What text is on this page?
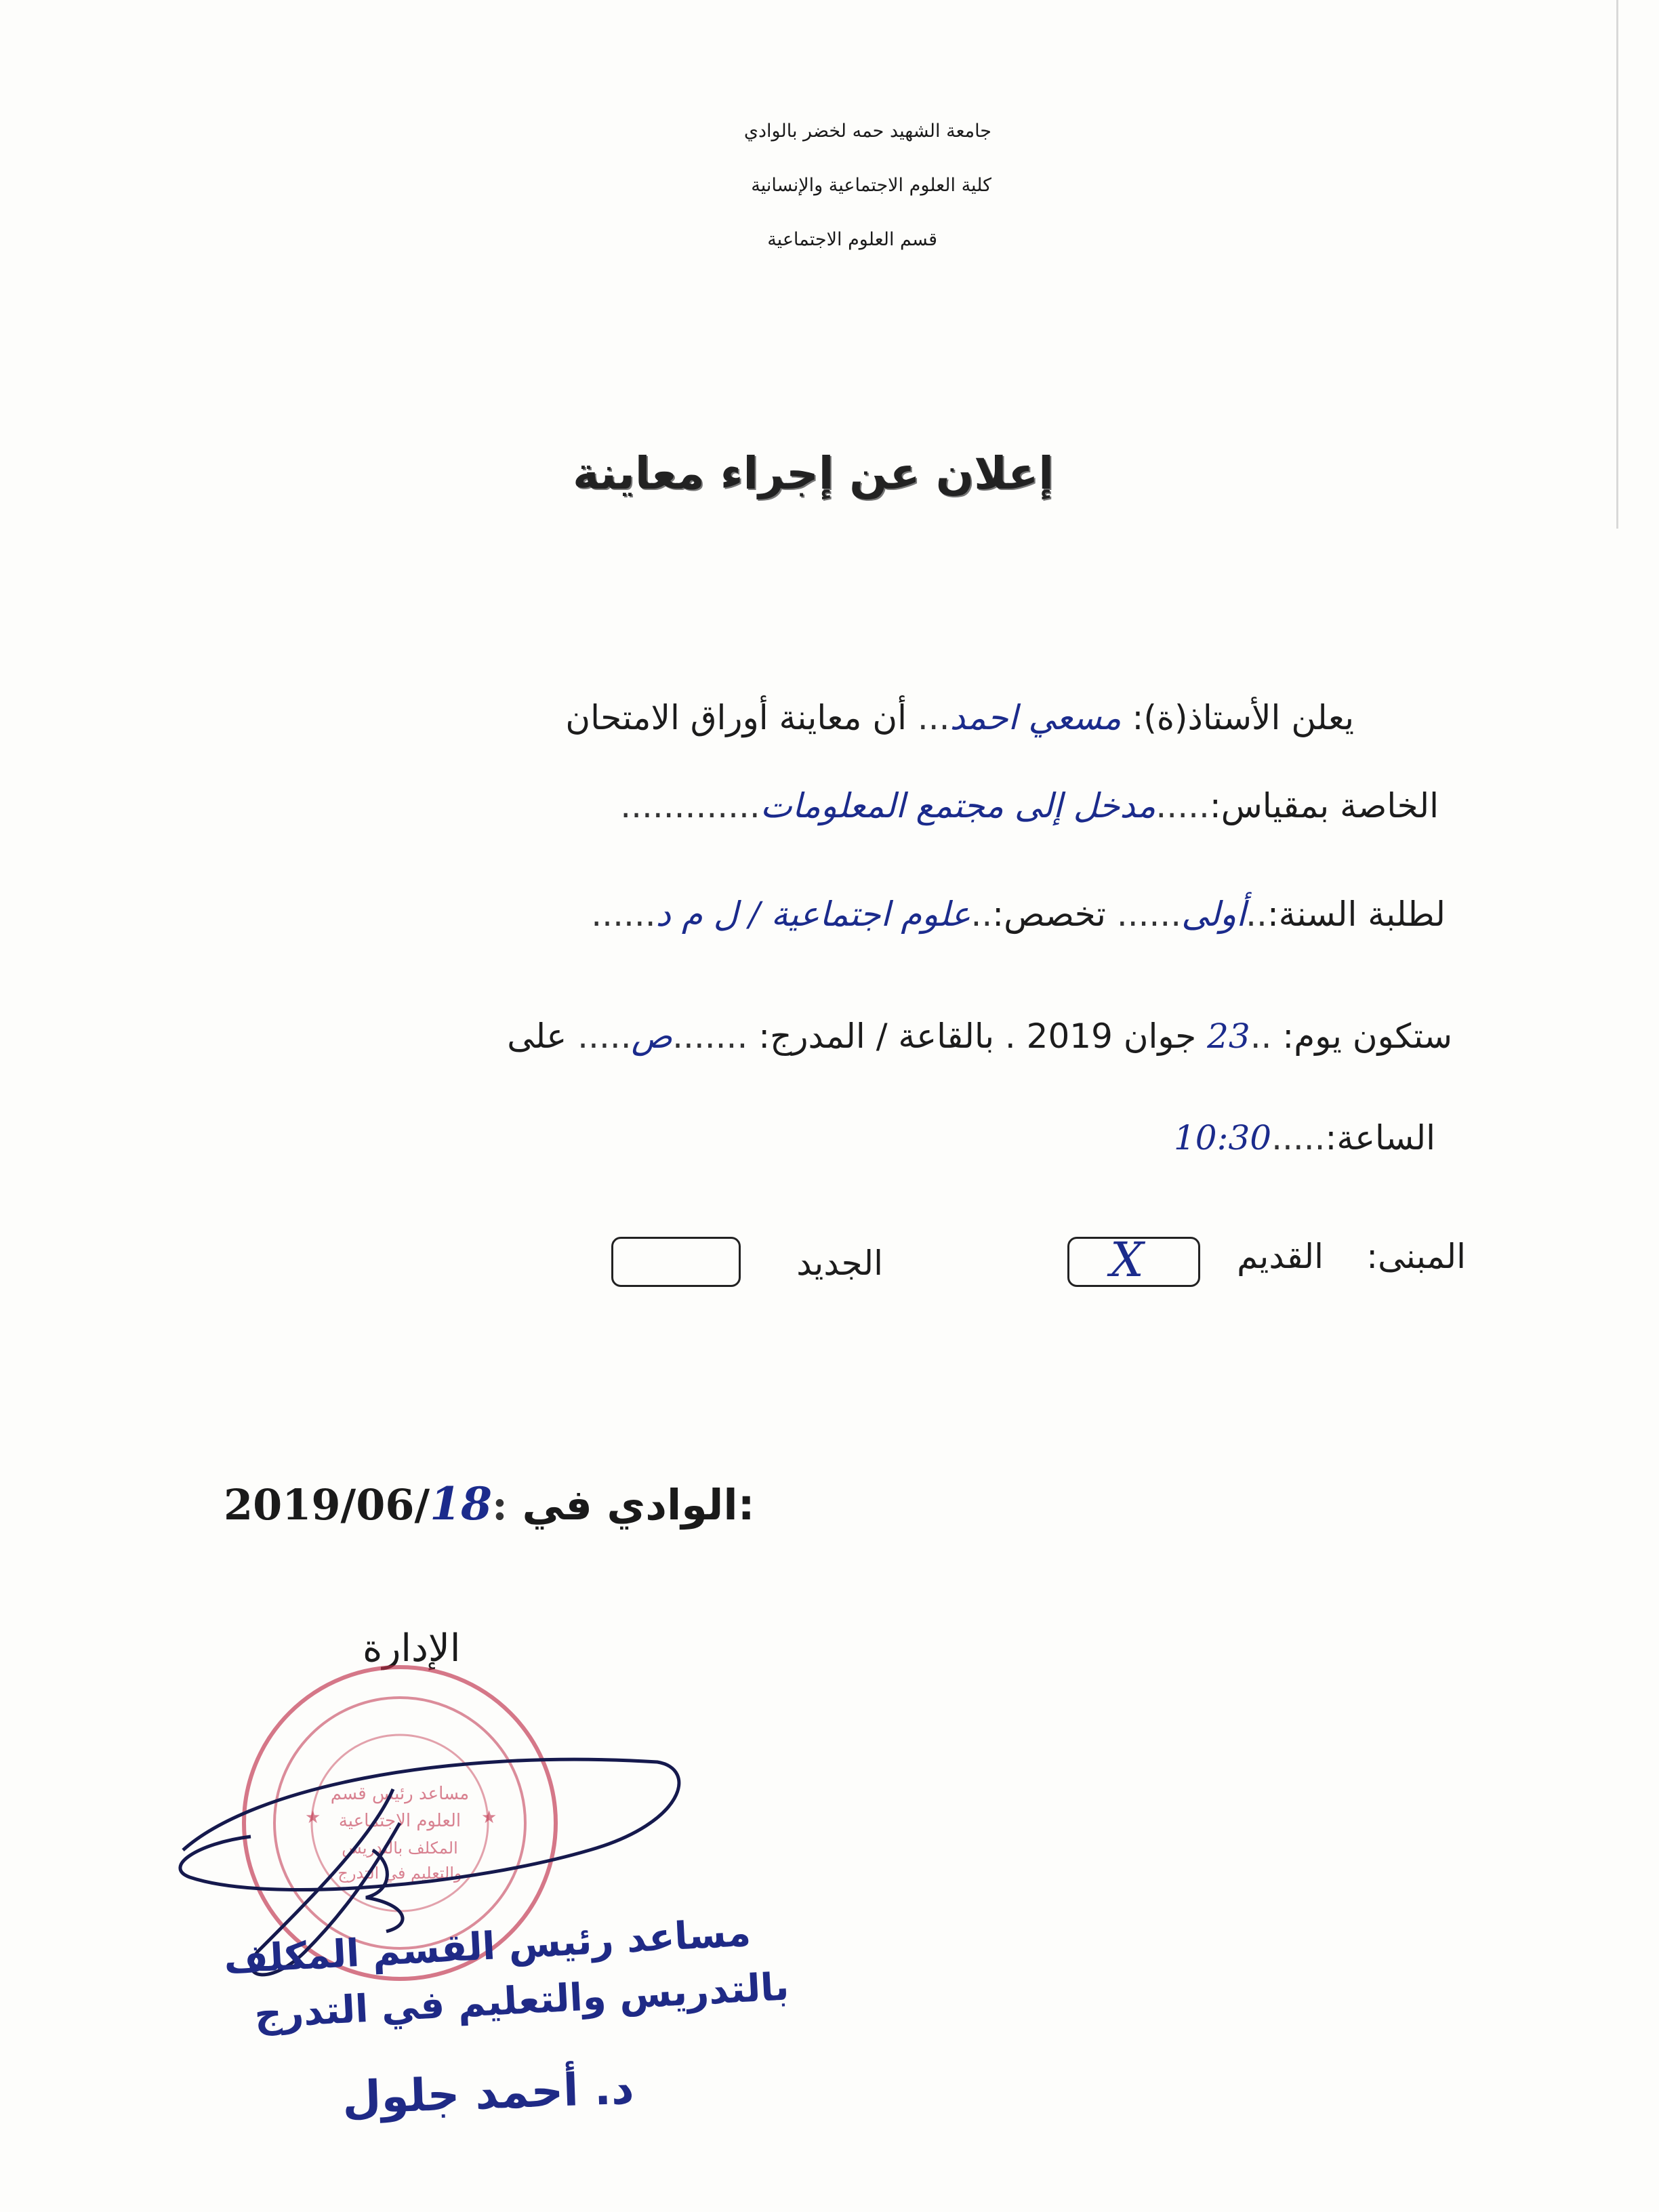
جامعة الشهيد حمه لخضر بالوادي
كلية العلوم الاجتماعية والإنسانية
قسم العلوم الاجتماعية
إعلان عن إجراء معاينة
يعلن الأستاذ(ة): مسعي احمد... أن معاينة أوراق الامتحان
الخاصة بمقياس:.....مدخل إلى مجتمع المعلومات.............
لطلبة السنة:..أولى...... تخصص:..علوم اجتماعية / ل م د......
ستكون يوم: ..23 جوان 2019 . بالقاعة / المدرج: .......ص..... على
الساعة:.....10:30
المبنى:
القديم
X
الجديد
2019/06/18: الوادي في:
الإدارة
مساعد رئيس قسم
العلوم الاجتماعية
المكلف بالتدريس
والتعليم في التدرج
★	★
مساعد رئيس القسم المكلف
بالتدريس والتعليم في التدرج
د. أحمد جلول
